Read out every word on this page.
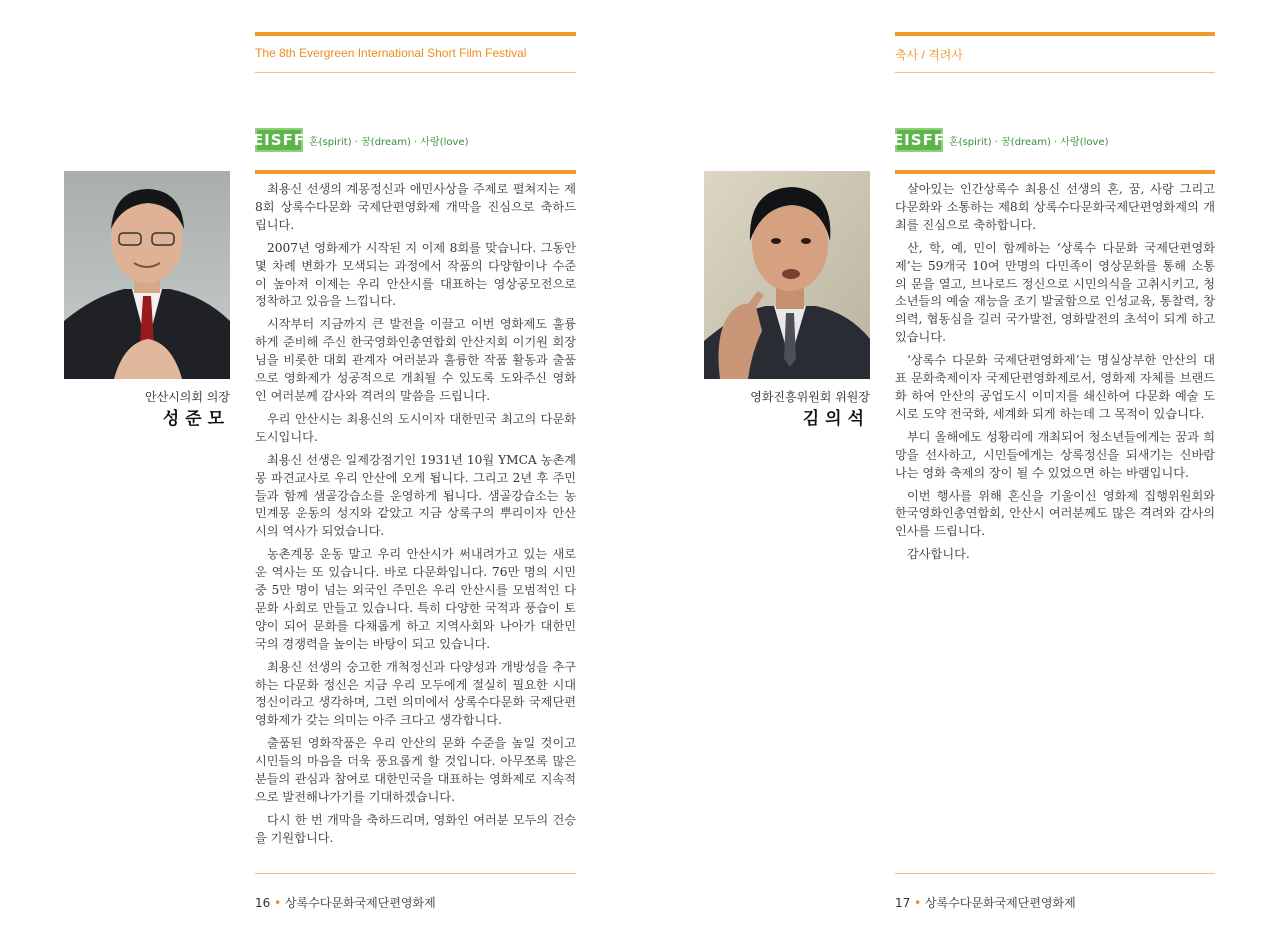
The 8th Evergreen International Short Film Festival
EISFF 혼(spirit) · 꿈(dream) · 사랑(love)
안산시의회 의장
성준모

최용신 선생의 계몽정신과 애민사상을 주제로 펼쳐지는 제8회 상록수다문화 국제단편영화제 개막을 진심으로 축하드립니다.

2007년 영화제가 시작된 지 이제 8회를 맞습니다. 그동안 몇 차례 변화가 모색되는 과정에서 작품의 다양함이나 수준이 높아져 이제는 우리 안산시를 대표하는 영상공모전으로 정착하고 있음을 느낍니다.

시작부터 지금까지 큰 발전을 이끌고 이번 영화제도 훌륭하게 준비해 주신 한국영화인총연합회 안산지회 이기원 회장님을 비롯한 대회 관계자 여러분과 훌륭한 작품 활동과 출품으로 영화제가 성공적으로 개최될 수 있도록 도와주신 영화인 여러분께 감사와 격려의 말씀을 드립니다.

우리 안산시는 최용신의 도시이자 대한민국 최고의 다문화 도시입니다.

최용신 선생은 일제강점기인 1931년 10월 YMCA 농촌계몽 파견교사로 우리 안산에 오게 됩니다. 그리고 2년 후 주민들과 함께 샘골강습소를 운영하게 됩니다. 샘골강습소는 농민계몽 운동의 성지와 같았고 지금 상록구의 뿌리이자 안산시의 역사가 되었습니다.

농촌계몽 운동 말고 우리 안산시가 써내려가고 있는 새로운 역사는 또 있습니다. 바로 다문화입니다. 76만 명의 시민 중 5만 명이 넘는 외국인 주민은 우리 안산시를 모범적인 다문화 사회로 만들고 있습니다. 특히 다양한 국적과 풍습이 토양이 되어 문화를 다채롭게 하고 지역사회와 나아가 대한민국의 경쟁력을 높이는 바탕이 되고 있습니다.

최용신 선생의 숭고한 개척정신과 다양성과 개방성을 추구하는 다문화 정신은 지금 우리 모두에게 절실히 필요한 시대 정신이라고 생각하며, 그런 의미에서 상록수다문화 국제단편영화제가 갖는 의미는 아주 크다고 생각합니다.

출품된 영화작품은 우리 안산의 문화 수준을 높일 것이고 시민들의 마음을 더욱 풍요롭게 할 것입니다. 아무쪼록 많은 분들의 관심과 참여로 대한민국을 대표하는 영화제로 지속적으로 발전해나가기를 기대하겠습니다.

다시 한 번 개막을 축하드리며, 영화인 여러분 모두의 건승을 기원합니다.

16 • 상록수다문화국제단편영화제
축사 / 격려사
EISFF 혼(spirit) · 꿈(dream) · 사랑(love)
영화진흥위원회 위원장
김의석

살아있는 인간상록수 최용신 선생의 혼, 꿈, 사랑 그리고 다문화와 소통하는 제8회 상록수다문화국제단편영화제의 개최를 진심으로 축하합니다.

산, 학, 예, 민이 함께하는 ‘상록수 다문화 국제단편영화제’는 59개국 10여 만명의 다민족이 영상문화를 통해 소통의 문을 열고, 브나로드 정신으로 시민의식을 고취시키고, 청소년들의 예술 재능을 조기 발굴함으로 인성교육, 통찰력, 창의력, 협동심을 길러 국가발전, 영화발전의 초석이 되게 하고 있습니다.

‘상록수 다문화 국제단편영화제’는 명실상부한 안산의 대표 문화축제이자 국제단편영화제로서, 영화제 자체를 브랜드화 하여 안산의 공업도시 이미지를 쇄신하여 다문화 예술 도시로 도약 전국화, 세계화 되게 하는데 그 목적이 있습니다.

부디 올해에도 성황리에 개최되어 청소년들에게는 꿈과 희망을 선사하고, 시민들에게는 상록정신을 되새기는 신바람 나는 영화 축제의 장이 될 수 있었으면 하는 바램입니다.

이번 행사를 위해 혼신을 기울이신 영화제 집행위원회와 한국영화인총연합회, 안산시 여러분께도 많은 격려와 감사의 인사를 드립니다.

감사합니다.

17 • 상록수다문화국제단편영화제
